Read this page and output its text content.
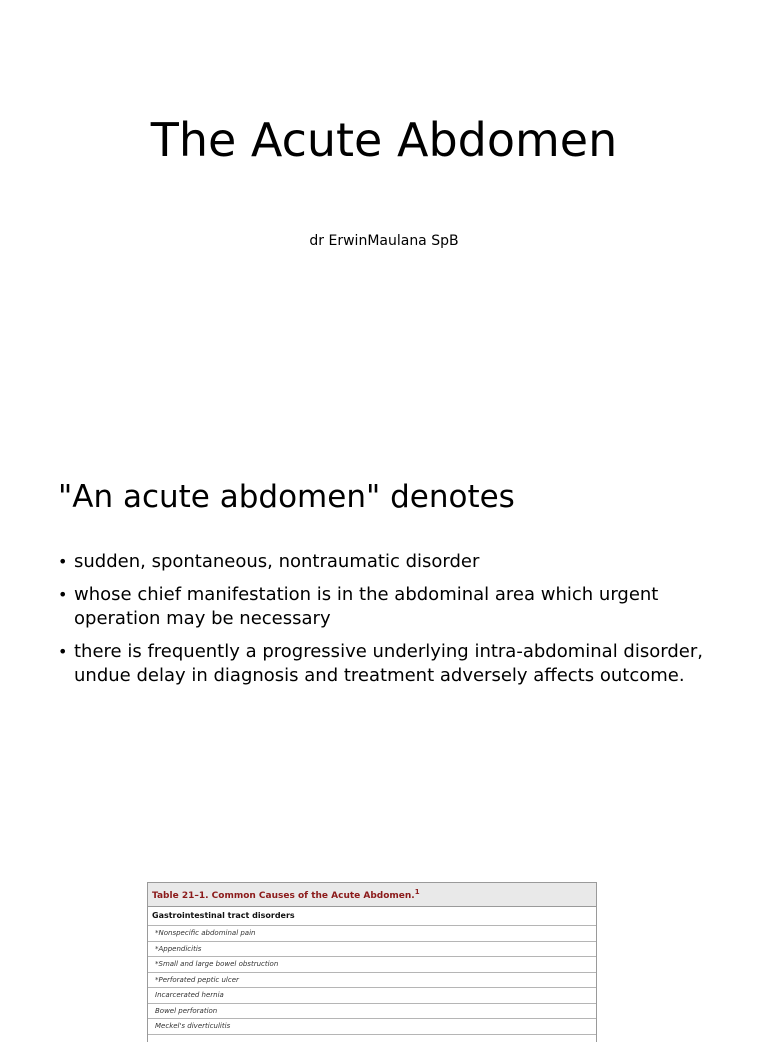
The Acute Abdomen
dr ErwinMaulana SpB
"An acute abdomen" denotes
• sudden, spontaneous, nontraumatic disorder
• whose chief manifestation is in the abdominal area which urgent operation may be necessary
• there is frequently a progressive underlying intra-abdominal disorder, undue delay in diagnosis and treatment adversely affects outcome.
Table 21–1. Common Causes of the Acute Abdomen.$^1$
Gastrointestinal tract disorders
*Nonspecific abdominal pain
*Appendicitis
*Small and large bowel obstruction
*Perforated peptic ulcer
Incarcerated hernia
Bowel perforation
Meckel's diverticulitis
